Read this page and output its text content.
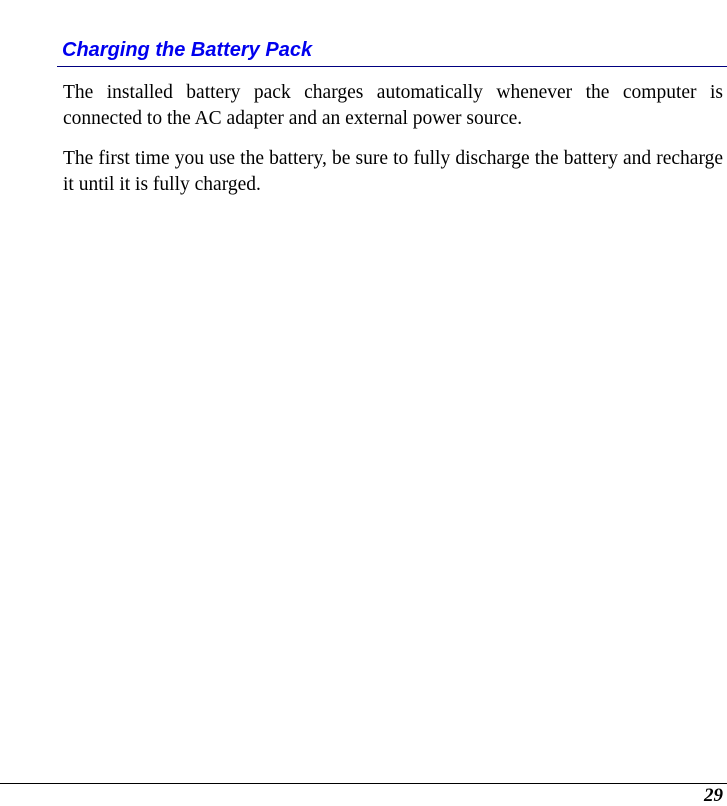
Charging the Battery Pack

The installed battery pack charges automatically whenever the computer is connected to the AC adapter and an external power source.

The first time you use the battery, be sure to fully discharge the battery and recharge it until it is fully charged.

29
